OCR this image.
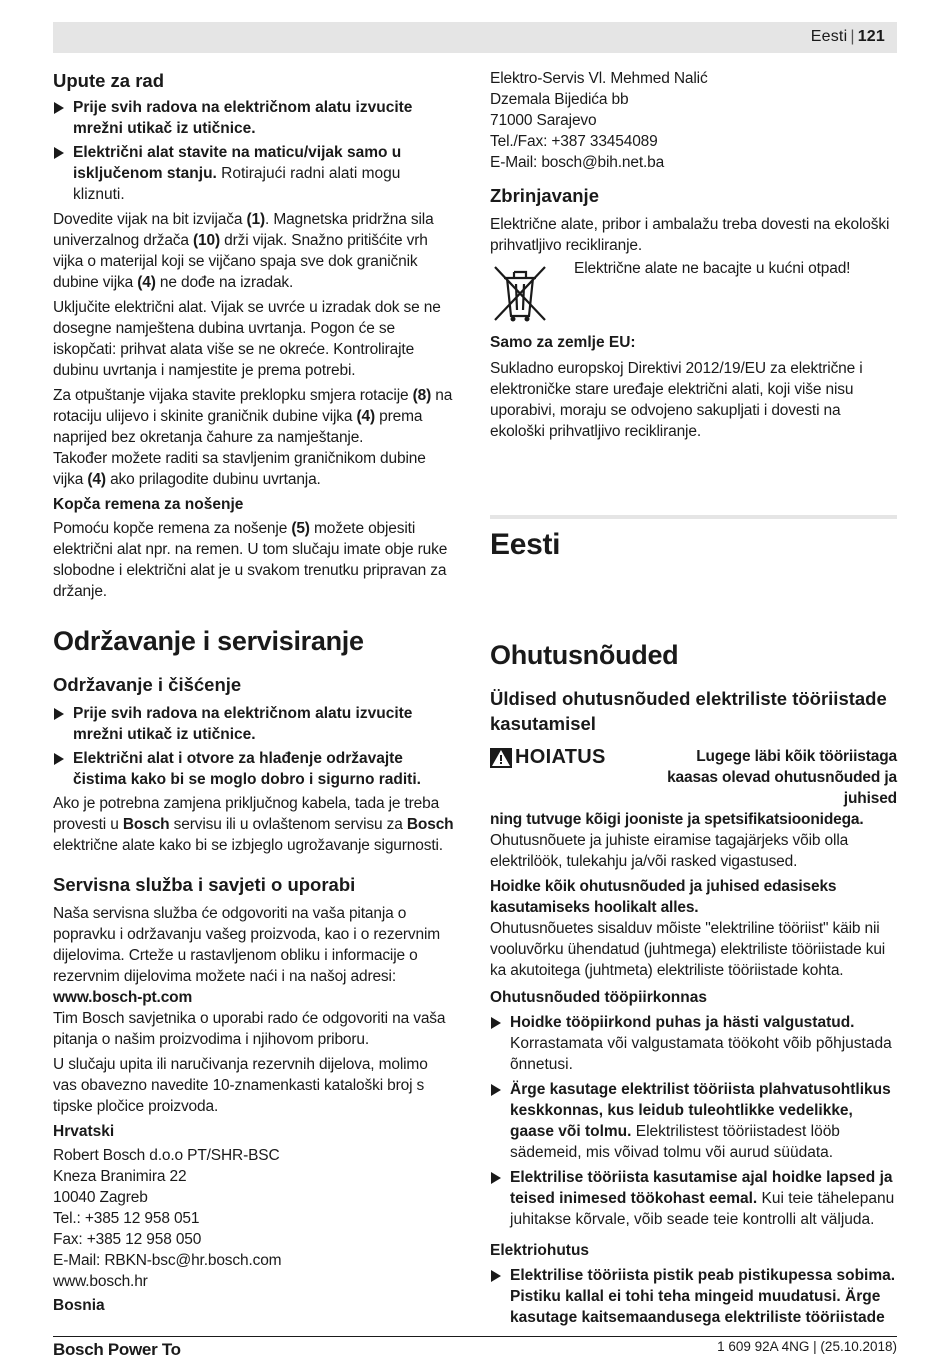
Eesti | 121
Upute za rad
Prije svih radova na električnom alatu izvucite mrežni utikač iz utičnice.
Električni alat stavite na maticu/vijak samo u isključenom stanju. Rotirajući radni alati mogu kliznuti.

Dovedite vijak na bit izvijača (1). Magnetska pridržna sila univerzalnog držača (10) drži vijak. Snažno pritišćite vrh vijka o materijal koji se vijčano spaja sve dok graničnik dubine vijka (4) ne dođe na izradak.

Uključite električni alat. Vijak se uvrće u izradak dok se ne dosegne namještena dubina uvrtanja. Pogon će se iskopčati: prihvat alata više se ne okreće. Kontrolirajte dubinu uvrtanja i namjestite je prema potrebi.

Za otpuštanje vijaka stavite preklopku smjera rotacije (8) na rotaciju ulijevo i skinite graničnik dubine vijka (4) prema naprijed bez okretanja čahure za namještanje.

Također možete raditi sa stavljenim graničnikom dubine vijka (4) ako prilagodite dubinu uvrtanja.

Kopča remena za nošenje

Pomoću kopče remena za nošenje (5) možete objesiti električni alat npr. na remen. U tom slučaju imate obje ruke slobodne i električni alat je u svakom trenutku pripravan za držanje.

Održavanje i servisiranje
Održavanje i čišćenje
Prije svih radova na električnom alatu izvucite mrežni utikač iz utičnice.
Električni alat i otvore za hlađenje održavajte čistima kako bi se moglo dobro i sigurno raditi.

Ako je potrebna zamjena priključnog kabela, tada je treba provesti u Bosch servisu ili u ovlaštenom servisu za Bosch električne alate kako bi se izbjeglo ugrožavanje sigurnosti.

Servisna služba i savjeti o uporabi

Naša servisna služba će odgovoriti na vaša pitanja o popravku i održavanju vašeg proizvoda, kao i o rezervnim dijelovima. Crteže u rastavljenom obliku i informacije o rezervnim dijelovima možete naći i na našoj adresi:

www.bosch-pt.com

Tim Bosch savjetnika o uporabi rado će odgovoriti na vaša pitanja o našim proizvodima i njihovom priboru.

U slučaju upita ili naručivanja rezervnih dijelova, molimo vas obavezno navedite 10-znamenkasti kataloški broj s tipske pločice proizvoda.

Hrvatski

Robert Bosch d.o.o PT/SHR-BSC

Kneza Branimira 22

10040 Zagreb

Tel.: +385 12 958 051

Fax: +385 12 958 050

E-Mail: RBKN-bsc@hr.bosch.com

www.bosch.hr

Bosnia

Elektro-Servis Vl. Mehmed Nalić

Dzemala Bijedića bb

71000 Sarajevo

Tel./Fax: +387 33454089

E-Mail: bosch@bih.net.ba

Zbrinjavanje

Električne alate, pribor i ambalažu treba dovesti na ekološki prihvatljivo recikliranje.

Električne alate ne bacajte u kućni otpad!

Samo za zemlje EU:

Sukladno europskoj Direktivi 2012/19/EU za električne i elektroničke stare uređaje električni alati, koji više nisu uporabivi, moraju se odvojeno sakupljati i dovesti na ekološki prihvatljivo recikliranje.

Eesti
Ohutusnõuded
Üldised ohutusnõuded elektriliste tööriistade kasutamisel
HOIATUS	Lugege läbi kõik tööriistaga kaasas olevad ohutusnõuded ja juhised

ning tutvuge kõigi jooniste ja spetsifikatsioonidega.

Ohutusnõuete ja juhiste eiramise tagajärjeks võib olla elektrilöök, tulekahju ja/või rasked vigastused.

Hoidke kõik ohutusnõuded ja juhised edasiseks kasutamiseks hoolikalt alles.

Ohutusnõuetes sisalduv mõiste "elektriline tööriist" käib nii vooluvõrku ühendatud (juhtmega) elektriliste tööriistade kui ka akutoitega (juhtmeta) elektriliste tööriistade kohta.

Ohutusnõuded tööpiirkonnas
Hoidke tööpiirkond puhas ja hästi valgustatud. Korrastamata või valgustamata töökoht võib põhjustada õnnetusi.
Ärge kasutage elektrilist tööriista plahvatusohtlikus keskkonnas, kus leidub tuleohtlikke vedelikke, gaase või tolmu. Elektrilistest tööriistadest lööb sädemeid, mis võivad tolmu või aurud süüdata.
Elektrilise tööriista kasutamise ajal hoidke lapsed ja teised inimesed töökohast eemal. Kui teie tähelepanu juhitakse kõrvale, võib seade teie kontrolli alt väljuda.
Elektriohutus
Elektrilise tööriista pistik peab pistikupessa sobima. Pistiku kallal ei tohi teha mingeid muudatusi. Ärge kasutage kaitsemaandusega elektriliste tööriistade
Bosch Power To	1 609 92A 4NG | (25.10.2018)
